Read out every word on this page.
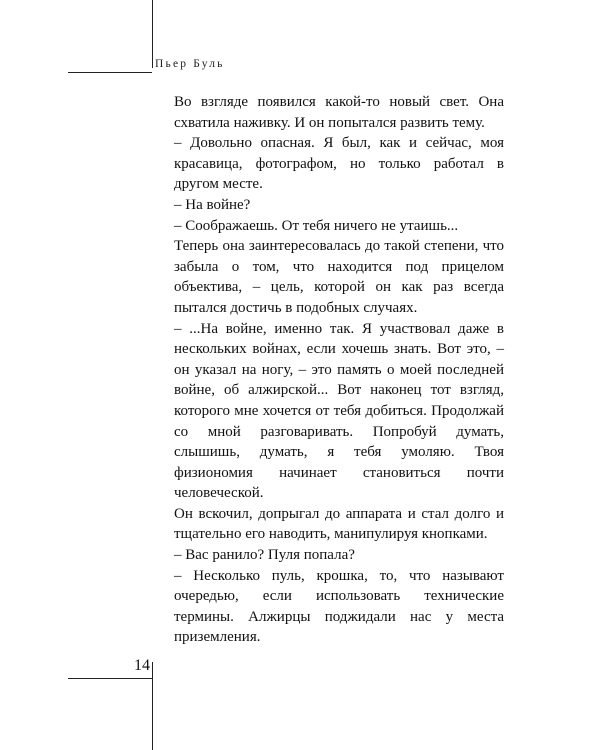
Пьер Буль

Во взгляде появился какой-то новый свет. Она схватила наживку. И он попытался развить тему.

– Довольно опасная. Я был, как и сейчас, моя красавица, фотографом, но только работал в другом месте.

– На войне?

– Соображаешь. От тебя ничего не утаишь...

Теперь она заинтересовалась до такой степени, что забыла о том, что находится под прицелом объектива, – цель, которой он как раз всегда пытался достичь в подобных случаях.

– ...На войне, именно так. Я участвовал даже в нескольких войнах, если хочешь знать. Вот это, – он указал на ногу, – это память о моей последней войне, об алжирской... Вот наконец тот взгляд, которого мне хочется от тебя добиться. Продолжай со мной разговаривать. Попробуй думать, слышишь, думать, я тебя умоляю. Твоя физиономия начинает становиться почти человеческой.

Он вскочил, допрыгал до аппарата и стал долго и тщательно его наводить, манипулируя кнопками.

– Вас ранило? Пуля попала?

– Несколько пуль, крошка, то, что называют очередью, если использовать технические термины. Алжирцы поджидали нас у места приземления.

14
